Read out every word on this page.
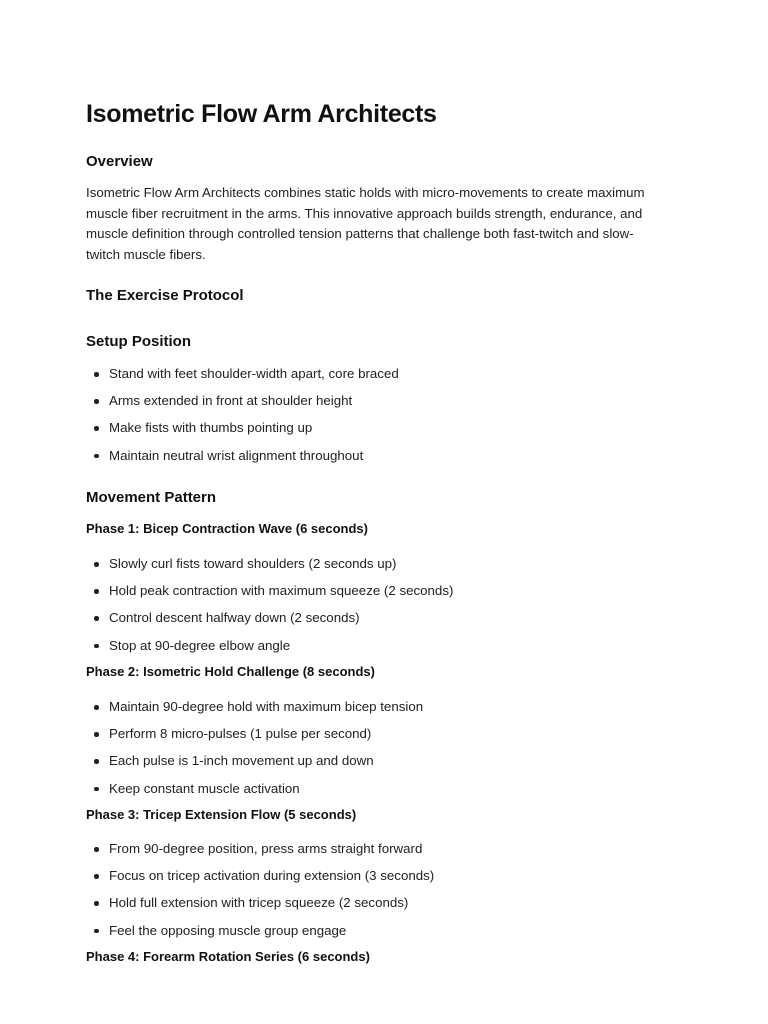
Isometric Flow Arm Architects
Overview

Isometric Flow Arm Architects combines static holds with micro-movements to create maximum
muscle fiber recruitment in the arms. This innovative approach builds strength, endurance, and
muscle definition through controlled tension patterns that challenge both fast-twitch and slow-
twitch muscle fibers.

The Exercise Protocol
Setup Position
Stand with feet shoulder-width apart, core braced
Arms extended in front at shoulder height
Make fists with thumbs pointing up
Maintain neutral wrist alignment throughout
Movement Pattern
Phase 1: Bicep Contraction Wave (6 seconds)
Slowly curl fists toward shoulders (2 seconds up)
Hold peak contraction with maximum squeeze (2 seconds)
Control descent halfway down (2 seconds)
Stop at 90-degree elbow angle
Phase 2: Isometric Hold Challenge (8 seconds)
Maintain 90-degree hold with maximum bicep tension
Perform 8 micro-pulses (1 pulse per second)
Each pulse is 1-inch movement up and down
Keep constant muscle activation
Phase 3: Tricep Extension Flow (5 seconds)
From 90-degree position, press arms straight forward
Focus on tricep activation during extension (3 seconds)
Hold full extension with tricep squeeze (2 seconds)
Feel the opposing muscle group engage
Phase 4: Forearm Rotation Series (6 seconds)
